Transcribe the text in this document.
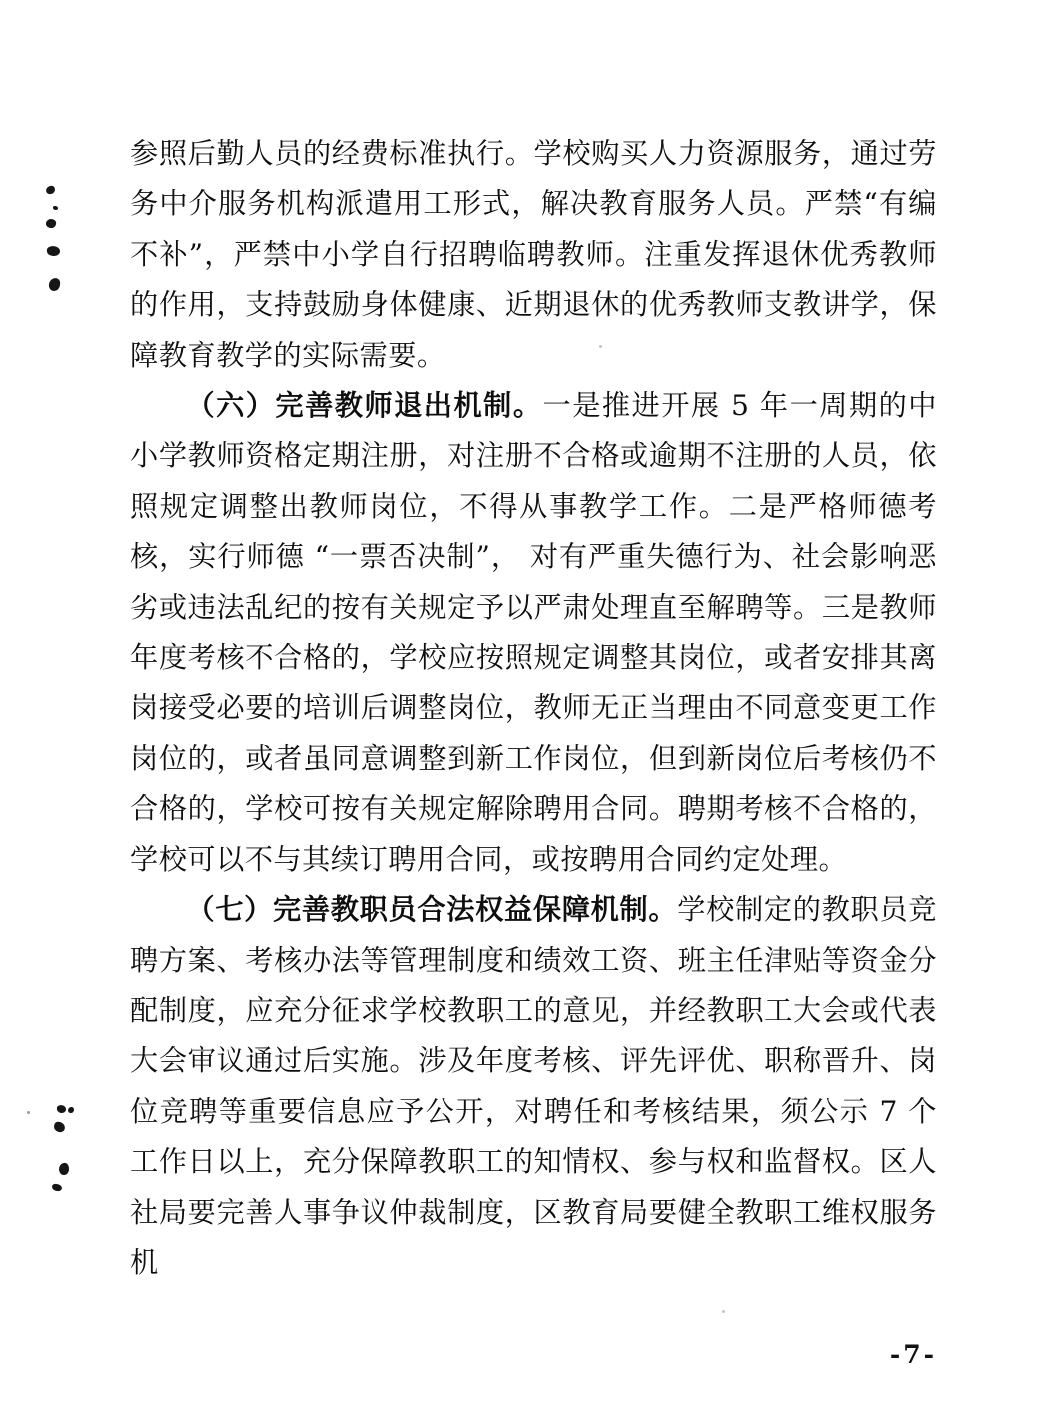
参照后勤人员的经费标准执行。学校购买人力资源服务，通过劳务中介服务机构派遣用工形式，解决教育服务人员。严禁“有编不补”，严禁中小学自行招聘临聘教师。注重发挥退休优秀教师的作用，支持鼓励身体健康、近期退休的优秀教师支教讲学，保障教育教学的实际需要。

（六）完善教师退出机制。一是推进开展 5 年一周期的中小学教师资格定期注册，对注册不合格或逾期不注册的人员，依照规定调整出教师岗位，不得从事教学工作。二是严格师德考核，实行师德 “一票否决制”， 对有严重失德行为、社会影响恶劣或违法乱纪的按有关规定予以严肃处理直至解聘等。三是教师年度考核不合格的，学校应按照规定调整其岗位，或者安排其离岗接受必要的培训后调整岗位，教师无正当理由不同意变更工作岗位的，或者虽同意调整到新工作岗位，但到新岗位后考核仍不合格的，学校可按有关规定解除聘用合同。聘期考核不合格的，学校可以不与其续订聘用合同，或按聘用合同约定处理。

（七）完善教职员合法权益保障机制。学校制定的教职员竞聘方案、考核办法等管理制度和绩效工资、班主任津贴等资金分配制度，应充分征求学校教职工的意见，并经教职工大会或代表大会审议通过后实施。涉及年度考核、评先评优、职称晋升、岗位竞聘等重要信息应予公开，对聘任和考核结果，须公示 7 个工作日以上，充分保障教职工的知情权、参与权和监督权。区人社局要完善人事争议仲裁制度，区教育局要健全教职工维权服务机

-7-
